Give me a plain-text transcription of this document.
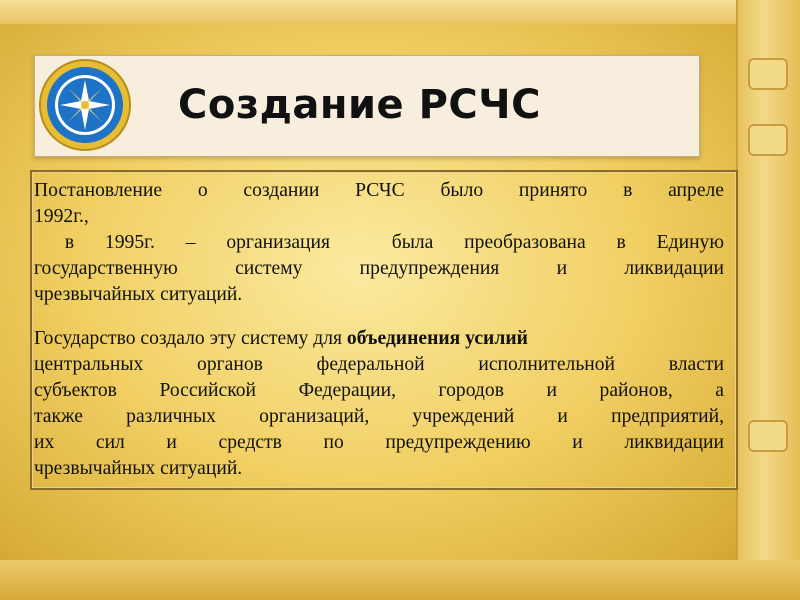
Создание РСЧС
Постановление о создании РСЧС было принято в апреле
1992г.,
в 1995г. – организация  была преобразована в Единую
государственную систему предупреждения и ликвидации
чрезвычайных ситуаций.
Государство создало эту систему для объединения усилий
центральных органов федеральной исполнительной власти
субъектов Российской Федерации, городов и районов, а
также различных организаций, учреждений и предприятий,
их сил и средств по предупреждению и ликвидации
чрезвычайных ситуаций.
